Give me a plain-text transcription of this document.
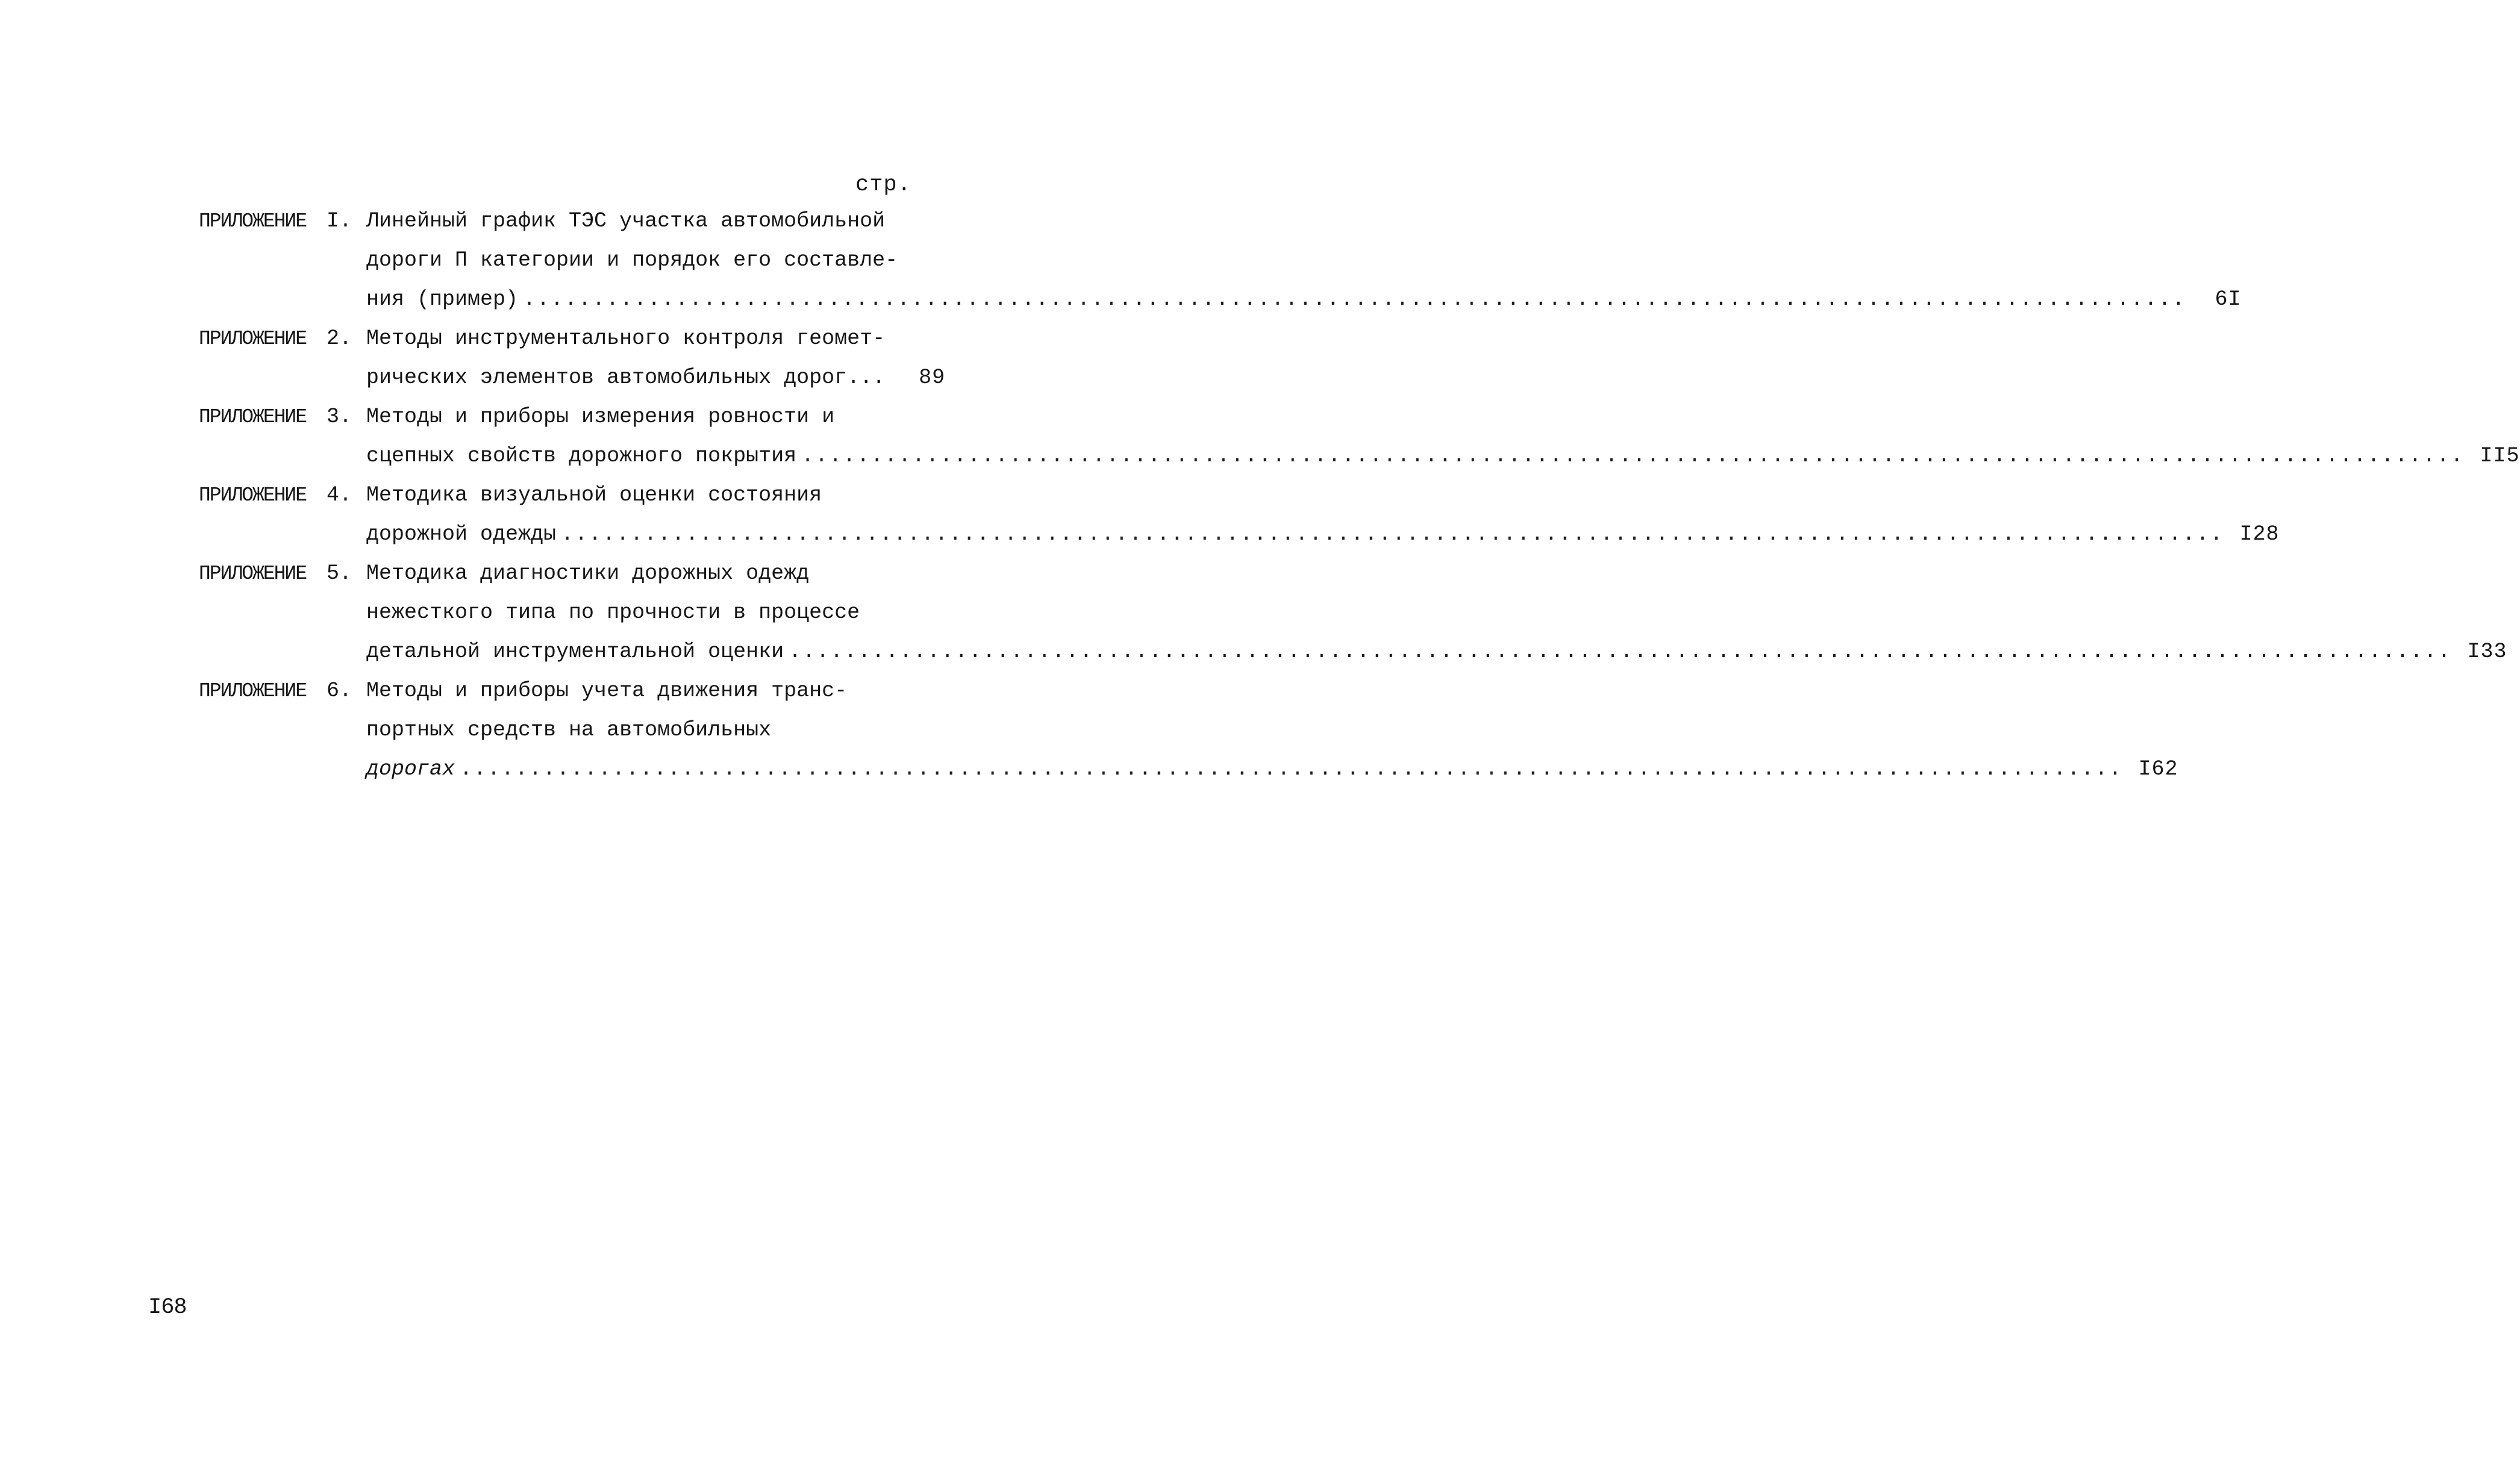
стр.
ПРИЛОЖЕНИЕ I. Линейный график ТЭС участка автомобильной
дороги П категории и порядок его составле-
ния (пример) .....	6I
ПРИЛОЖЕНИЕ 2. Методы инструментального контроля геомет-
рических элементов автомобильных дорог...	89
ПРИЛОЖЕНИЕ 3. Методы и приборы измерения ровности и
сцепных свойств дорожного покрытия .....	II5
ПРИЛОЖЕНИЕ 4. Методика визуальной оценки состояния
дорожной одежды .....	I28
ПРИЛОЖЕНИЕ 5. Методика диагностики дорожных одежд
нежесткого типа по прочности в процессе
детальной инструментальной оценки .....	I33
ПРИЛОЖЕНИЕ 6. Методы и приборы учета движения транс-
портных средств на автомобильных
дорогах .....	I62
I68
